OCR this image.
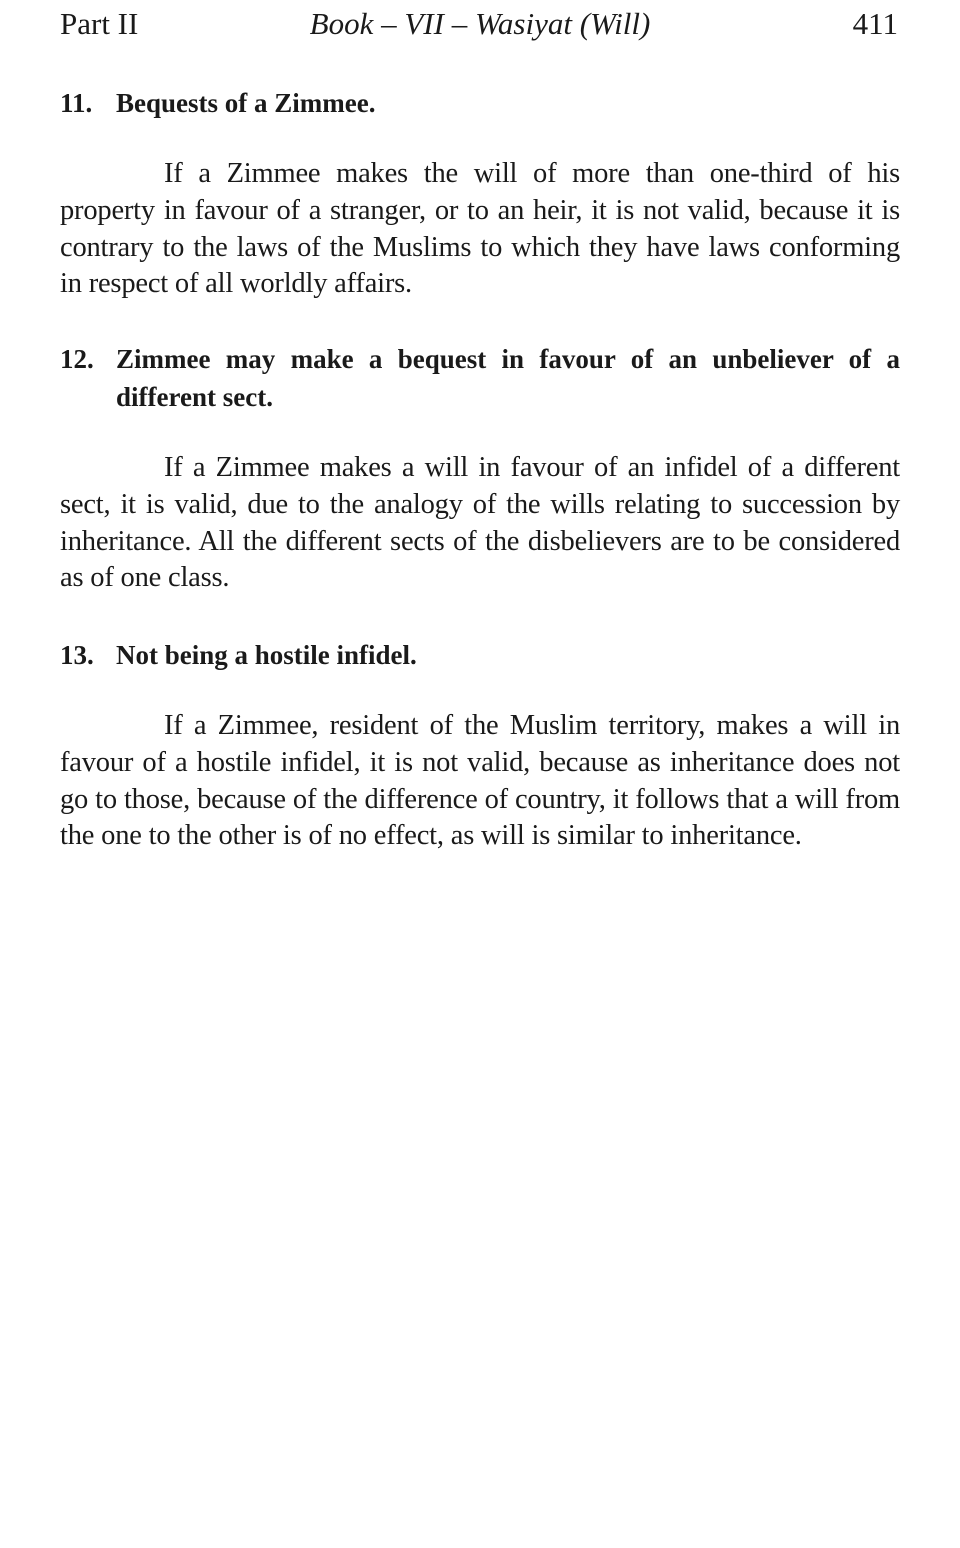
Part II	Book – VII – Wasiyat (Will)	411
11. Bequests of a Zimmee.

If a Zimmee makes the will of more than one-third of his property in favour of a stranger, or to an heir, it is not valid, because it is contrary to the laws of the Muslims to which they have laws conforming in respect of all worldly affairs.

12. Zimmee may make a bequest in favour of an unbeliever of a different sect.

If a Zimmee makes a will in favour of an infidel of a different sect, it is valid, due to the analogy of the wills relating to succession by inheritance. All the different sects of the disbelievers are to be considered as of one class.

13. Not being a hostile infidel.

If a Zimmee, resident of the Muslim territory, makes a will in favour of a hostile infidel, it is not valid, because as inheritance does not go to those, because of the difference of country, it follows that a will from the one to the other is of no effect, as will is similar to inheritance.
